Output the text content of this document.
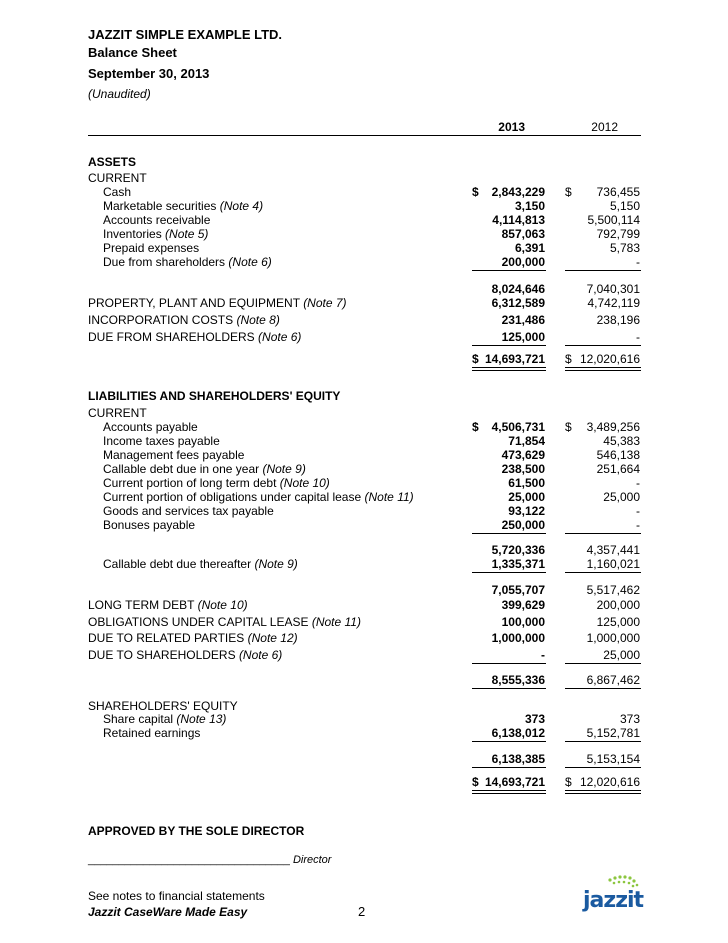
JAZZIT SIMPLE EXAMPLE LTD.
Balance Sheet
September 30, 2013
(Unaudited)
2013	2012
ASSETS
CURRENT
Cash	$	2,843,229 $	736,455
Marketable securities (Note 4)	3,150	5,150
Accounts receivable	4,114,813	5,500,114
Inventories (Note 5)	857,063	792,799
Prepaid expenses	6,391	5,783
Due from shareholders (Note 6)	200,000	-
8,024,646	7,040,301
PROPERTY, PLANT AND EQUIPMENT (Note 7)	6,312,589	4,742,119
INCORPORATION COSTS (Note 8)	231,486	238,196
DUE FROM SHAREHOLDERS (Note 6)	125,000	-
$ 14,693,721 $ 12,020,616
LIABILITIES AND SHAREHOLDERS' EQUITY
CURRENT
Accounts payable	$	4,506,731 $	3,489,256
Income taxes payable	71,854	45,383
Management fees payable	473,629	546,138
Callable debt due in one year (Note 9)	238,500	251,664
Current portion of long term debt (Note 10)	61,500	-
Current portion of obligations under capital lease (Note 11)	25,000	25,000
Goods and services tax payable	93,122	-
Bonuses payable	250,000	-
5,720,336	4,357,441
Callable debt due thereafter (Note 9)	1,335,371	1,160,021
7,055,707	5,517,462
LONG TERM DEBT (Note 10)	399,629	200,000
OBLIGATIONS UNDER CAPITAL LEASE (Note 11)	100,000	125,000
DUE TO RELATED PARTIES (Note 12)	1,000,000	1,000,000
DUE TO SHAREHOLDERS (Note 6)	-	25,000
8,555,336	6,867,462
SHAREHOLDERS' EQUITY
Share capital (Note 13)	373	373
Retained earnings	6,138,012	5,152,781
6,138,385	5,153,154
$ 14,693,721 $ 12,020,616
APPROVED BY THE SOLE DIRECTOR
_________________________________ Director
See notes to financial statements
Jazzit CaseWare Made Easy	2	jazzit
